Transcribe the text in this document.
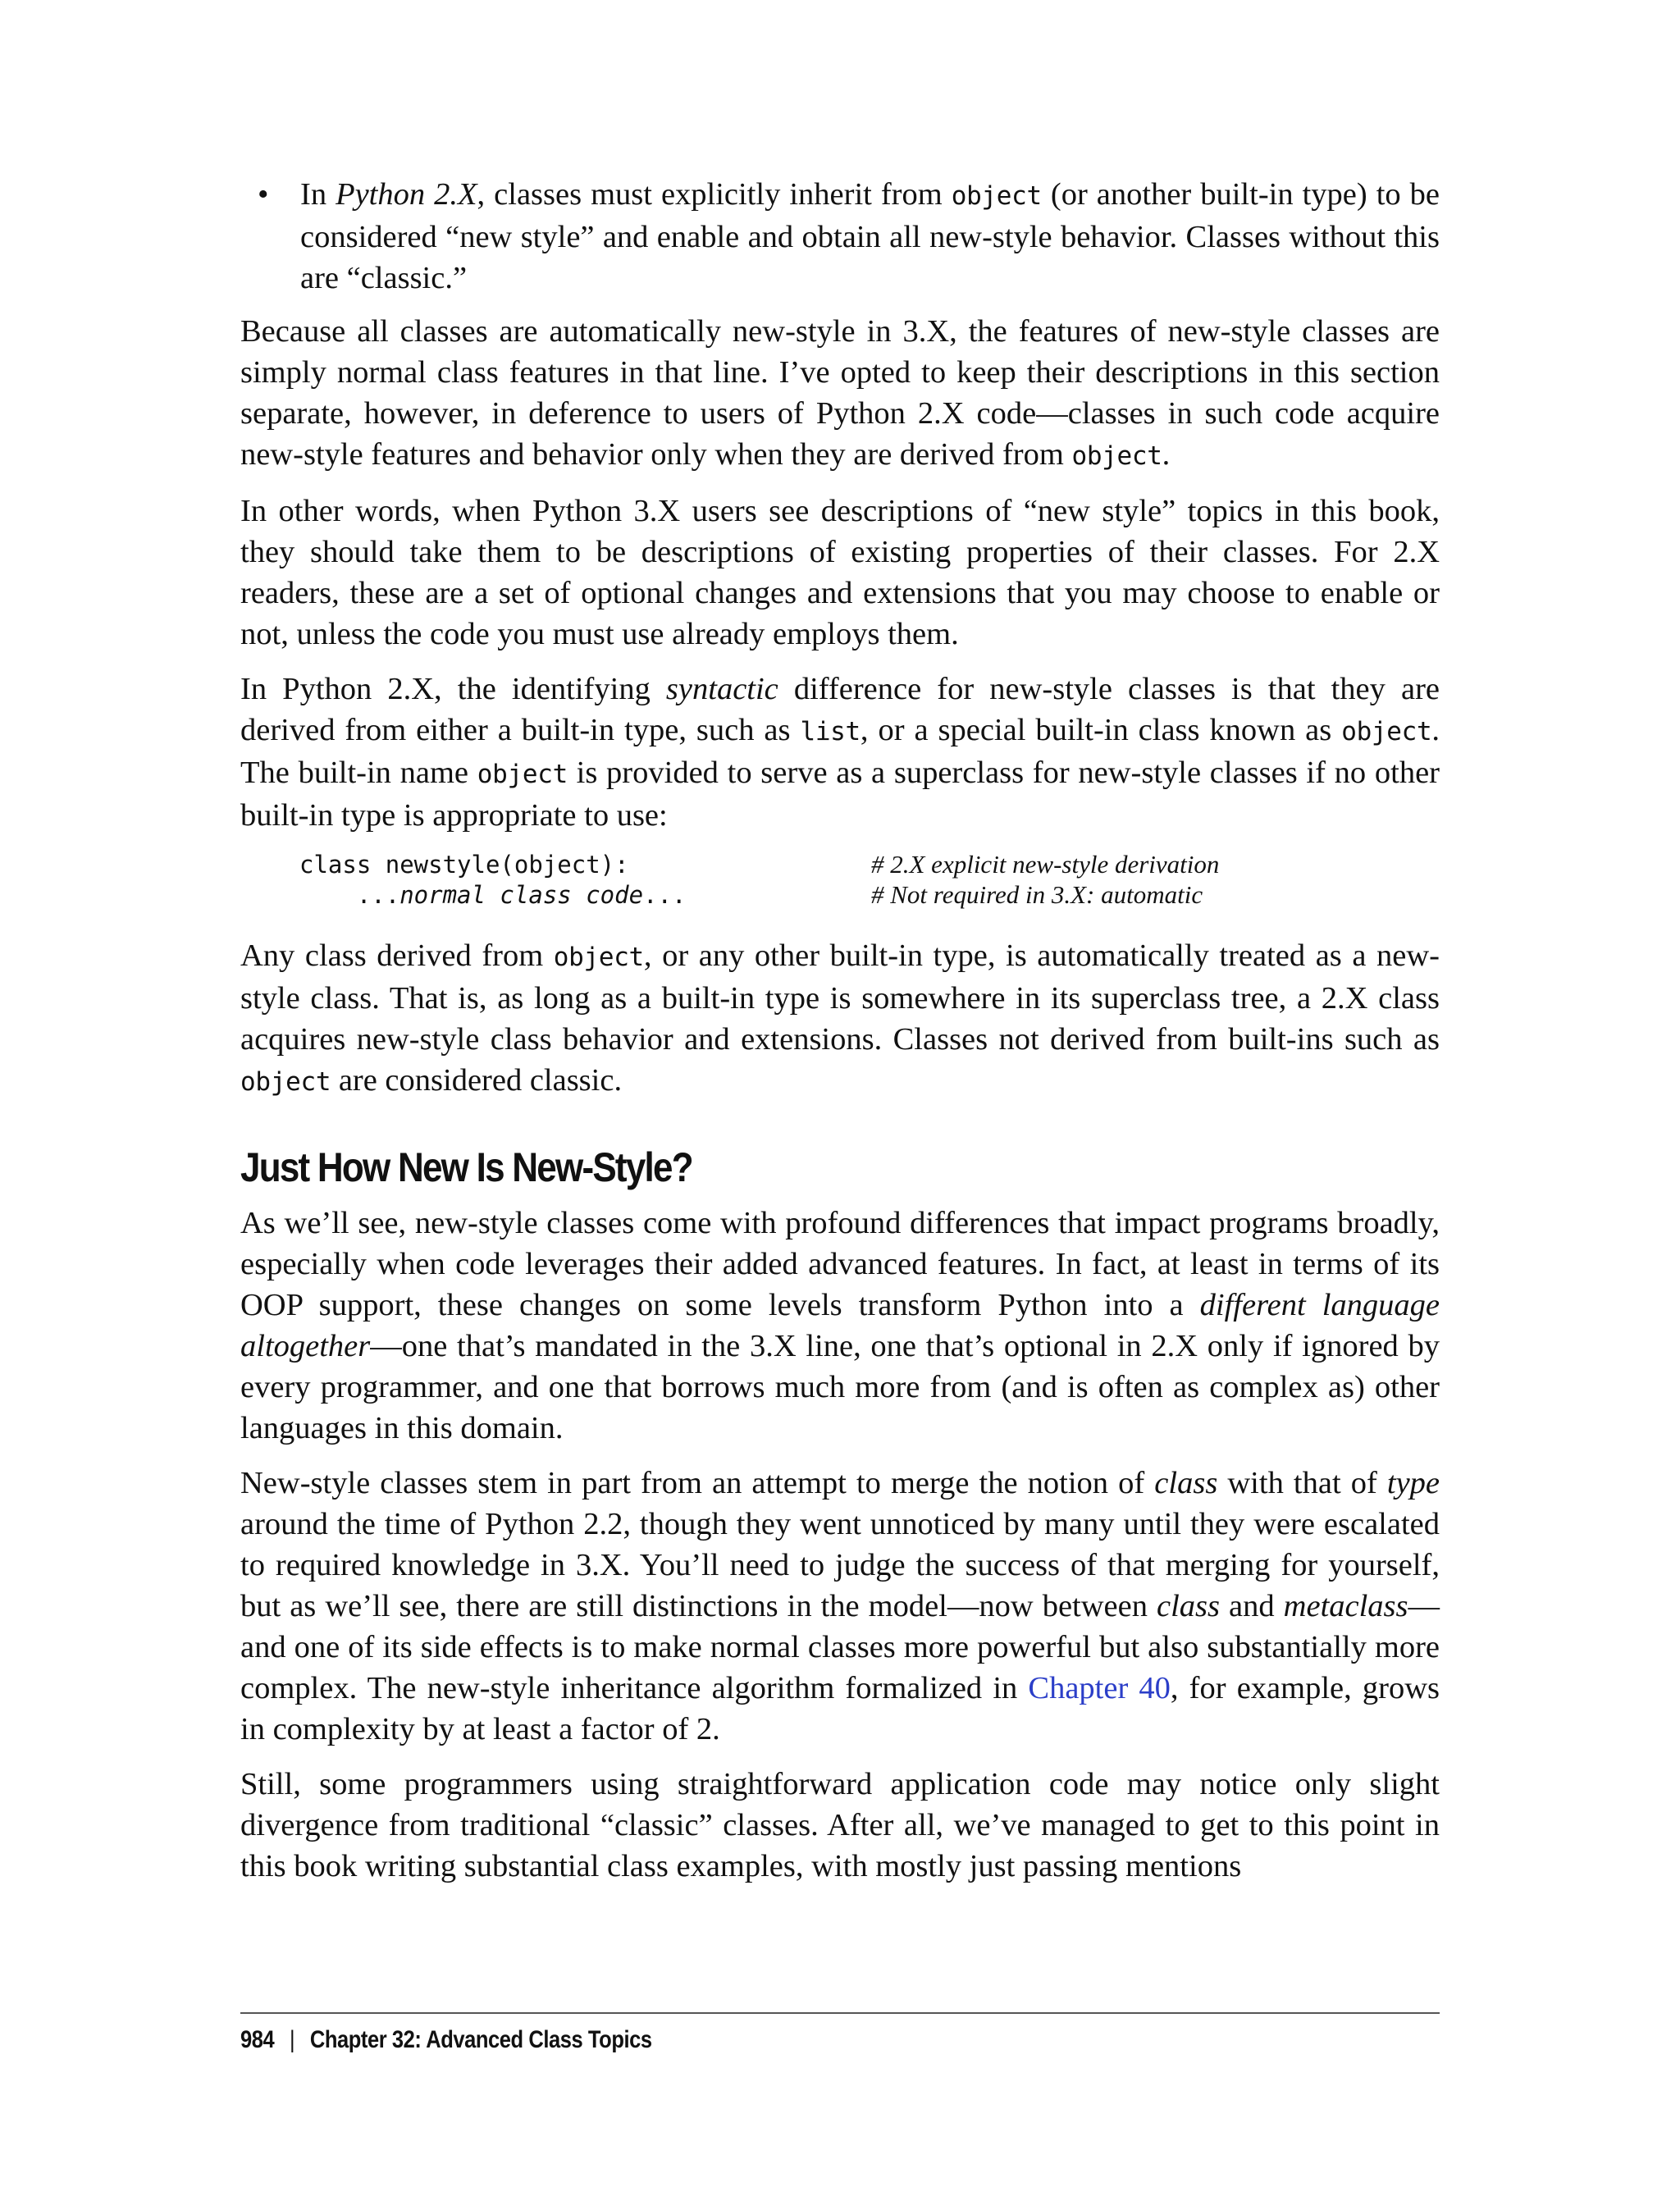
• In Python 2.X, classes must explicitly inherit from object (or another built-in type) to be considered “new style” and enable and obtain all new-style behavior. Classes without this are “classic.”

Because all classes are automatically new-style in 3.X, the features of new-style classes are simply normal class features in that line. I’ve opted to keep their descriptions in this section separate, however, in deference to users of Python 2.X code—classes in such code acquire new-style features and behavior only when they are derived from object.

In other words, when Python 3.X users see descriptions of “new style” topics in this book, they should take them to be descriptions of existing properties of their classes. For 2.X readers, these are a set of optional changes and extensions that you may choose to enable or not, unless the code you must use already employs them.

In Python 2.X, the identifying syntactic difference for new-style classes is that they are derived from either a built-in type, such as list, or a special built-in class known as object. The built-in name object is provided to serve as a superclass for new-style classes if no other built-in type is appropriate to use:

class newstyle(object):	# 2.X explicit new-style derivation
...normal class code...	# Not required in 3.X: automatic

Any class derived from object, or any other built-in type, is automatically treated as a new-style class. That is, as long as a built-in type is somewhere in its superclass tree, a 2.X class acquires new-style class behavior and extensions. Classes not derived from built-ins such as object are considered classic.

Just How New Is New-Style?

As we’ll see, new-style classes come with profound differences that impact programs broadly, especially when code leverages their added advanced features. In fact, at least in terms of its OOP support, these changes on some levels transform Python into a different language altogether—one that’s mandated in the 3.X line, one that’s optional in 2.X only if ignored by every programmer, and one that borrows much more from (and is often as complex as) other languages in this domain.

New-style classes stem in part from an attempt to merge the notion of class with that of type around the time of Python 2.2, though they went unnoticed by many until they were escalated to required knowledge in 3.X. You’ll need to judge the success of that merging for yourself, but as we’ll see, there are still distinctions in the model—now between class and metaclass—and one of its side effects is to make normal classes more powerful but also substantially more complex. The new-style inheritance algorithm formalized in Chapter 40, for example, grows in complexity by at least a factor of 2.

Still, some programmers using straightforward application code may notice only slight divergence from traditional “classic” classes. After all, we’ve managed to get to this point in this book writing substantial class examples, with mostly just passing mentions

984 | Chapter 32: Advanced Class Topics
